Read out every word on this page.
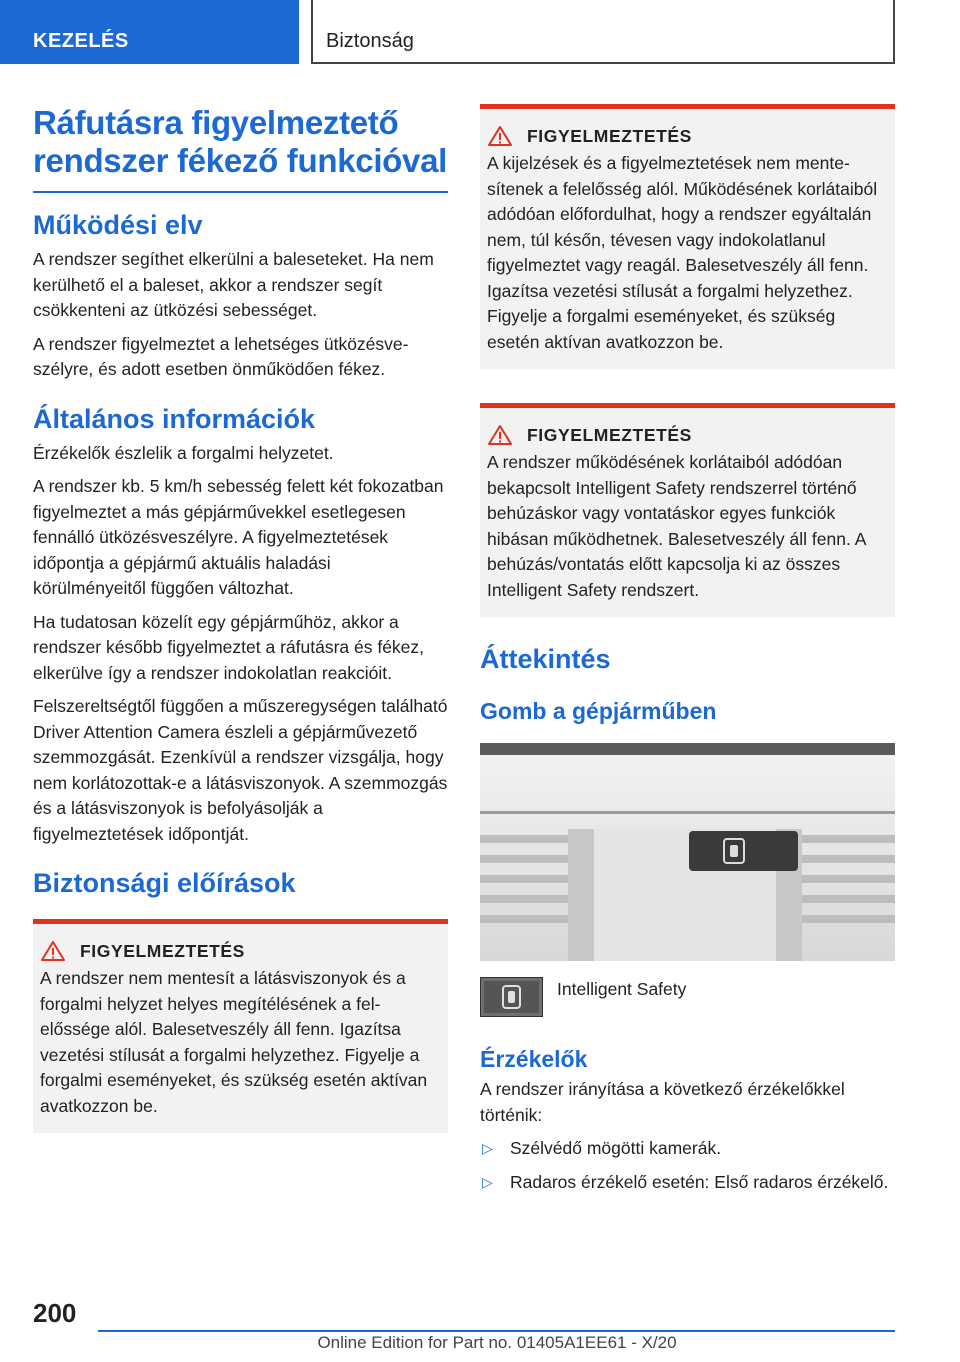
KEZELÉS	Biztonság
Ráfutásra figyelmeztető rendszer fékező funkcióval
Működési elv

A rendszer segíthet elkerülni a baleseteket. Ha nem kerülhető el a baleset, akkor a rendszer segít csökkenteni az ütközési sebességet.

A rendszer figyelmeztet a lehetséges ütközésveszélyre, és adott esetben önműködően fékez.

Általános információk

Érzékelők észlelik a forgalmi helyzetet.

A rendszer kb. 5 km/h sebesség felett két fokozatban figyelmeztet a más gépjárművekkel esetlegesen fennálló ütközésveszélyre. A figyelmeztetések időpontja a gépjármű aktuális haladási körülményeitől függően változhat.

Ha tudatosan közelít egy gépjárműhöz, akkor a rendszer később figyelmeztet a ráfutásra és fékez, elkerülve így a rendszer indokolatlan reakcióit.

Felszereltségtől függően a műszeregységen található Driver Attention Camera észleli a gépjárművezető szemmozgását. Ezenkívül a rendszer vizsgálja, hogy nem korlátozottak-e a látásviszonyok. A szemmozgás és a látásviszonyok is befolyásolják a figyelmeztetések időpontját.

Biztonsági előírások
FIGYELMEZTETÉS

A rendszer nem mentesít a látásviszonyok és a forgalmi helyzet helyes megítélésének a felelőssége alól. Balesetveszély áll fenn. Igazítsa vezetési stílusát a forgalmi helyzethez. Figyelje a forgalmi eseményeket, és szükség esetén aktívan avatkozzon be.

FIGYELMEZTETÉS

A kijelzések és a figyelmeztetések nem mentesítenek a felelősség alól. Működésének korlátaiból adódóan előfordulhat, hogy a rendszer egyáltalán nem, túl későn, tévesen vagy indokolatlanul figyelmeztet vagy reagál. Balesetveszély áll fenn. Igazítsa vezetési stílusát a forgalmi helyzethez. Figyelje a forgalmi eseményeket, és szükség esetén aktívan avatkozzon be.

FIGYELMEZTETÉS

A rendszer működésének korlátaiból adódóan bekapcsolt Intelligent Safety rendszerrel történő behúzáskor vagy vontatáskor egyes funkciók hibásan működhetnek. Balesetveszély áll fenn. A behúzás/vontatás előtt kapcsolja ki az összes Intelligent Safety rendszert.

Áttekintés
Gomb a gépjárműben

Intelligent Safety

Érzékelők

A rendszer irányítása a következő érzékelőkkel történik:

▷ Szélvédő mögötti kamerák.
▷ Radaros érzékelő esetén: Első radaros érzékelő.
200
Online Edition for Part no. 01405A1EE61 - X/20
